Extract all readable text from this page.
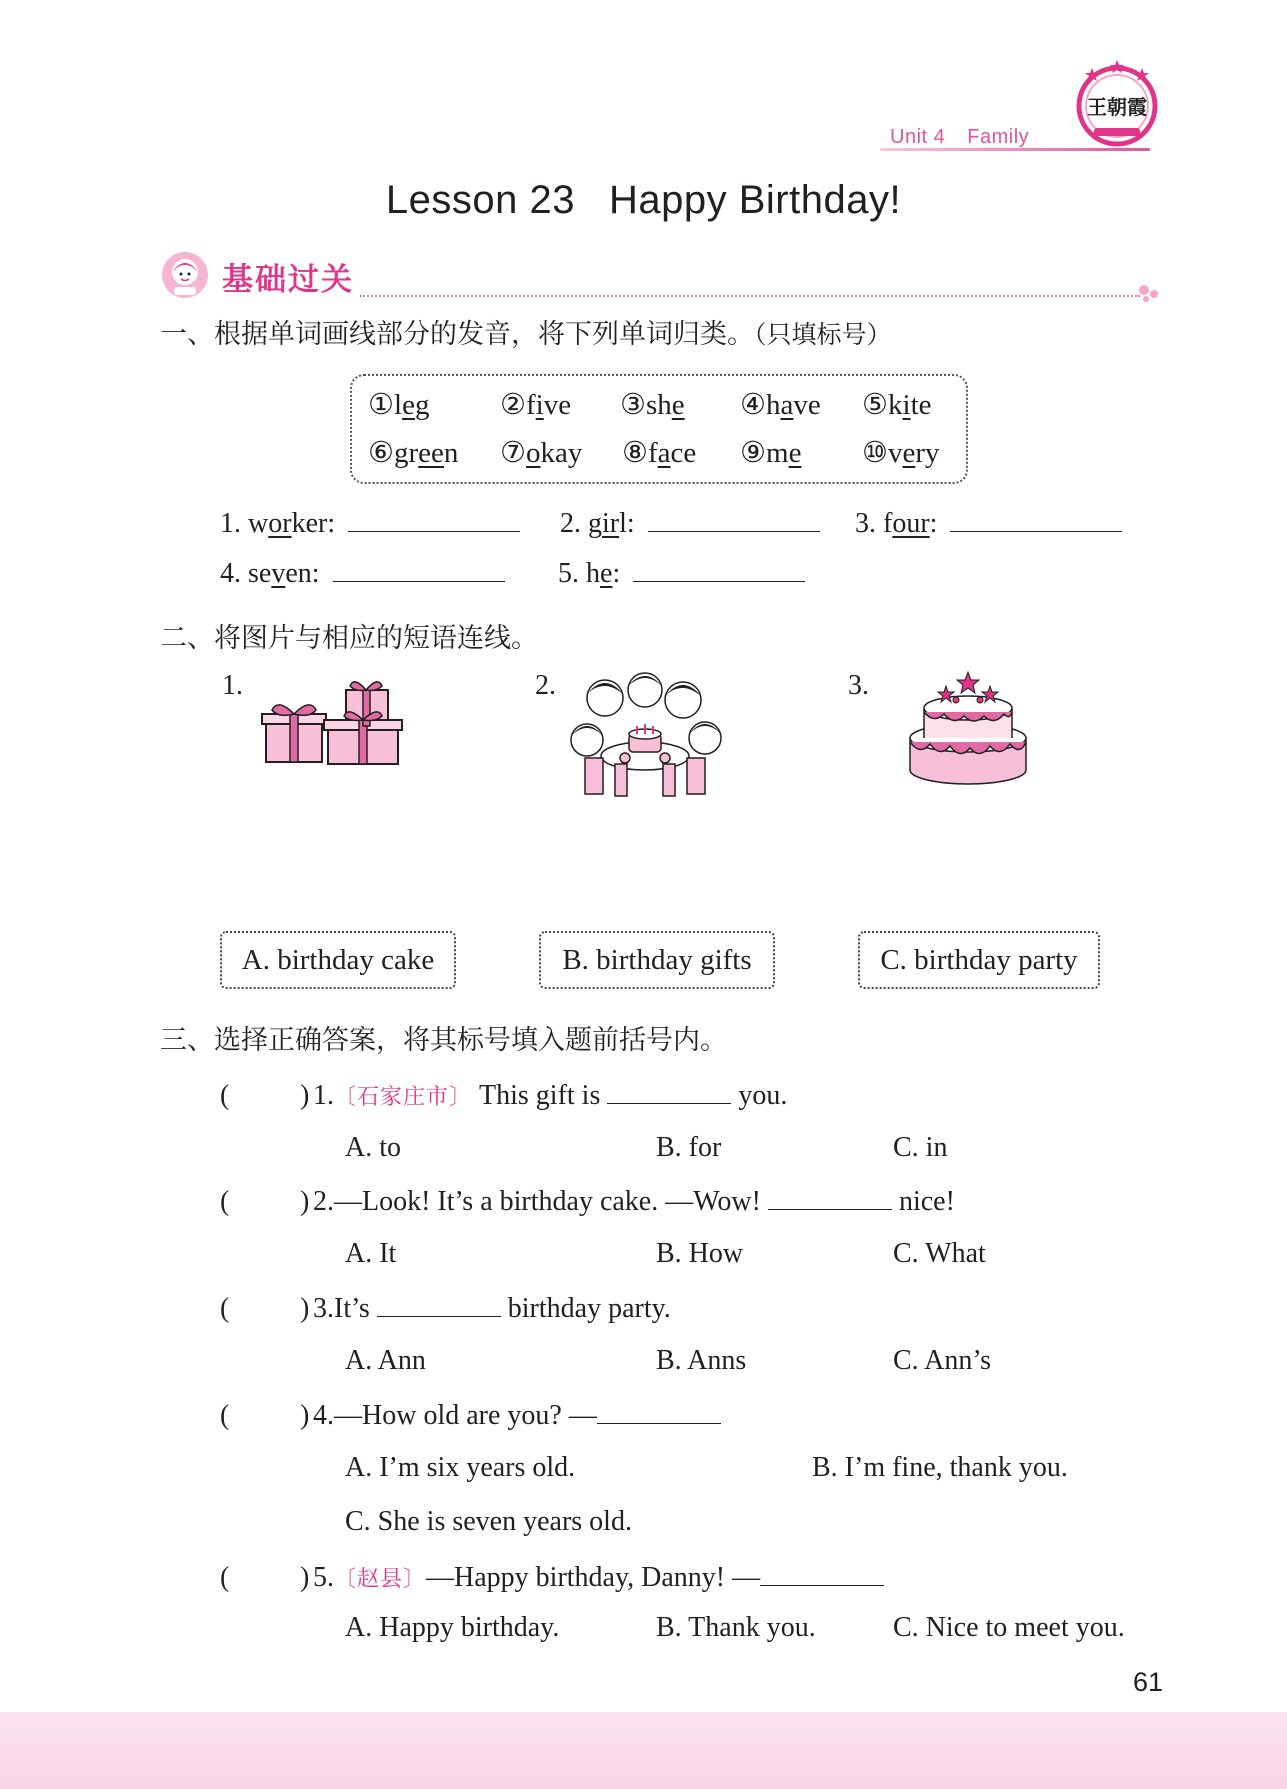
Unit 4 Family
王朝霞
Lesson 23 Happy Birthday!
基础过关
一、根据单词画线部分的发音，将下列单词归类。（只填标号）
①leg ②five ③she ④have ⑤kite
⑥green ⑦okay ⑧face ⑨me ⑩very
1. worker:	2. girl:	3. four:
4. seven:	5. he:
二、将图片与相应的短语连线。
1.	2.	3.
A. birthday cake	B. birthday gifts	C. birthday party
三、选择正确答案，将其标号填入题前括号内。
(	) 1.〔石家庄市〕 This gift is	you.
A. to	B. for	C. in
(	) 2.—Look! It’s a birthday cake. —Wow!	nice!
A. It	B. How	C. What
(	) 3.It’s	birthday party.
A. Ann	B. Anns	C. Ann’s
(	) 4.—How old are you? —
A. I’m six years old.	B. I’m fine, thank you.
C. She is seven years old.
(	) 5.〔赵县〕—Happy birthday, Danny! —
A. Happy birthday.	B. Thank you.	C. Nice to meet you.
61
